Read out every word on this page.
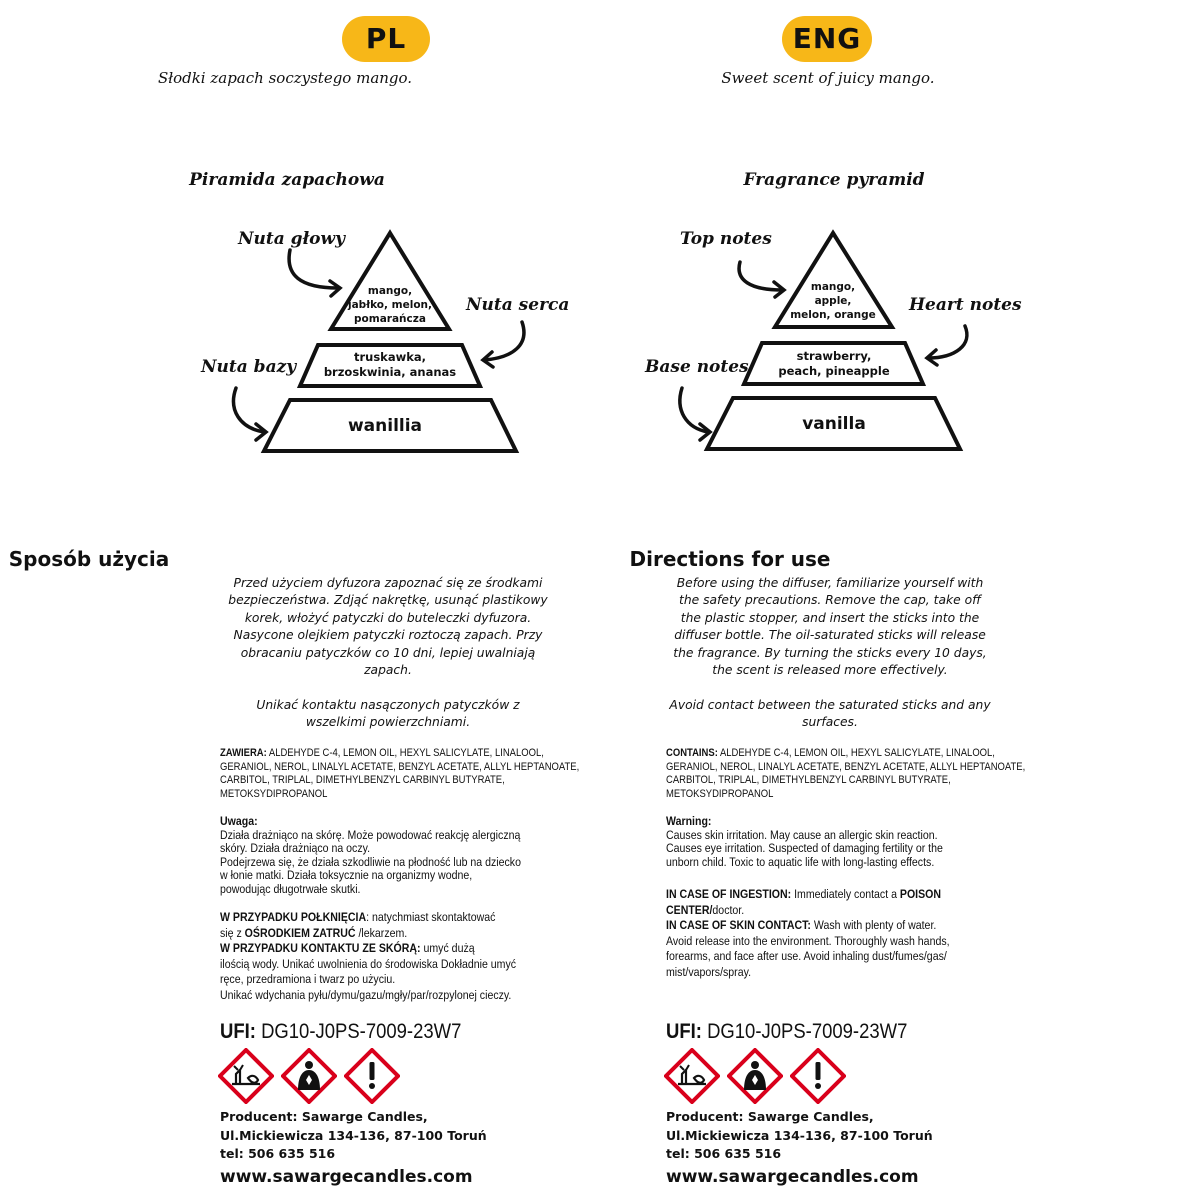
PL
Słodki zapach soczystego mango.
Piramida zapachowa
Nuta głowy
Nuta serca
Nuta bazy
mango,
jabłko, melon,
pomarańcza
truskawka,
brzoskwinia, ananas
wanillia
Sposób użycia
Przed użyciem dyfuzora zapoznać się ze środkami
bezpieczeństwa. Zdjąć nakrętkę, usunąć plastikowy
korek, włożyć patyczki do buteleczki dyfuzora.
Nasycone olejkiem patyczki roztoczą zapach. Przy
obracaniu patyczków co 10 dni, lepiej uwalniają
zapach.
Unikać kontaktu nasączonych patyczków z
wszelkimi powierzchniami.
ZAWIERA: ALDEHYDE C-4, LEMON OIL, HEXYL SALICYLATE, LINALOOL,
GERANIOL, NEROL, LINALYL ACETATE, BENZYL ACETATE, ALLYL HEPTANOATE,
CARBITOL, TRIPLAL, DIMETHYLBENZYL CARBINYL BUTYRATE,
METOKSYDIPROPANOL
Uwaga:
Działa drażniąco na skórę. Może powodować reakcję alergiczną
skóry. Działa drażniąco na oczy.
Podejrzewa się, że działa szkodliwie na płodność lub na dziecko
w łonie matki. Działa toksycznie na organizmy wodne,
powodując długotrwałe skutki.
W PRZYPADKU POŁKNIĘCIA: natychmiast skontaktować
się z OŚRODKIEM ZATRUĆ /lekarzem.
W PRZYPADKU KONTAKTU ZE SKÓRĄ: umyć dużą
ilością wody. Unikać uwolnienia do środowiska Dokładnie umyć
ręce, przedramiona i twarz po użyciu.
Unikać wdychania pyłu/dymu/gazu/mgły/par/rozpylonej cieczy.
UFI: DG10-J0PS-7009-23W7
Producent: Sawarge Candles,
Ul.Mickiewicza 134-136, 87-100 Toruń
tel: 506 635 516
www.sawargecandles.com
ENG
Sweet scent of juicy mango.
Fragrance pyramid
Top notes
Heart notes
Base notes
mango,
apple,
melon, orange
strawberry,
peach, pineapple
vanilla
Directions for use
Before using the diffuser, familiarize yourself with
the safety precautions. Remove the cap, take off
the plastic stopper, and insert the sticks into the
diffuser bottle. The oil-saturated sticks will release
the fragrance. By turning the sticks every 10 days,
the scent is released more effectively.
Avoid contact between the saturated sticks and any
surfaces.
CONTAINS: ALDEHYDE C-4, LEMON OIL, HEXYL SALICYLATE, LINALOOL,
GERANIOL, NEROL, LINALYL ACETATE, BENZYL ACETATE, ALLYL HEPTANOATE,
CARBITOL, TRIPLAL, DIMETHYLBENZYL CARBINYL BUTYRATE,
METOKSYDIPROPANOL
Warning:
Causes skin irritation. May cause an allergic skin reaction.
Causes eye irritation. Suspected of damaging fertility or the
unborn child. Toxic to aquatic life with long-lasting effects.
IN CASE OF INGESTION: Immediately contact a POISON
CENTER/doctor.
IN CASE OF SKIN CONTACT: Wash with plenty of water.
Avoid release into the environment. Thoroughly wash hands,
forearms, and face after use. Avoid inhaling dust/fumes/gas/
mist/vapors/spray.
UFI: DG10-J0PS-7009-23W7
Producent: Sawarge Candles,
Ul.Mickiewicza 134-136, 87-100 Toruń
tel: 506 635 516
www.sawargecandles.com
